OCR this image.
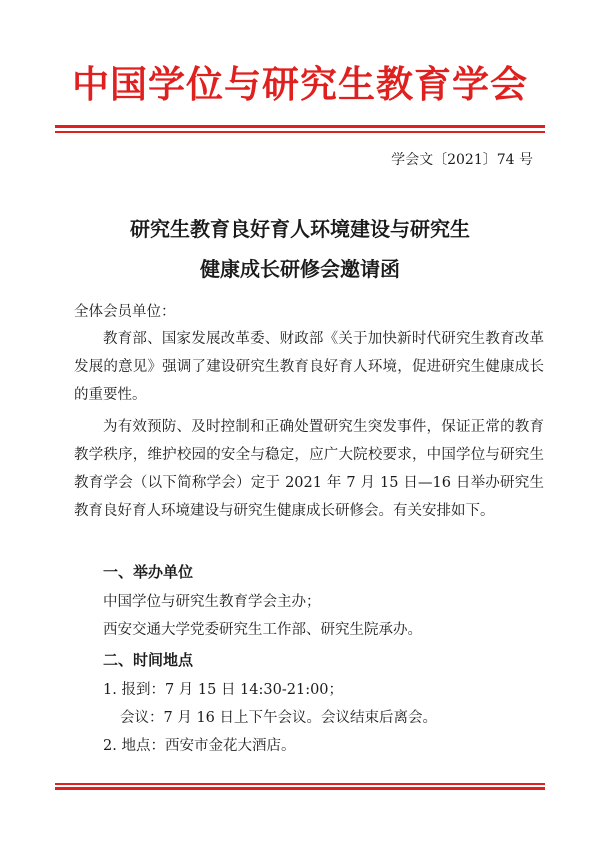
中国学位与研究生教育学会
学会文〔2021〕74 号
研究生教育良好育人环境建设与研究生
健康成长研修会邀请函

全体会员单位：

教育部、国家发展改革委、财政部《关于加快新时代研究生教育改革发展的意见》强调了建设研究生教育良好育人环境，促进研究生健康成长的重要性。

为有效预防、及时控制和正确处置研究生突发事件，保证正常的教育教学秩序，维护校园的安全与稳定，应广大院校要求，中国学位与研究生教育学会（以下简称学会）定于 2021 年 7 月 15 日—16 日举办研究生教育良好育人环境建设与研究生健康成长研修会。有关安排如下。

一、举办单位
中国学位与研究生教育学会主办；
西安交通大学党委研究生工作部、研究生院承办。
二、时间地点
1. 报到：7 月 15 日 14:30-21:00；
会议：7 月 16 日上下午会议。会议结束后离会。
2. 地点：西安市金花大酒店。
